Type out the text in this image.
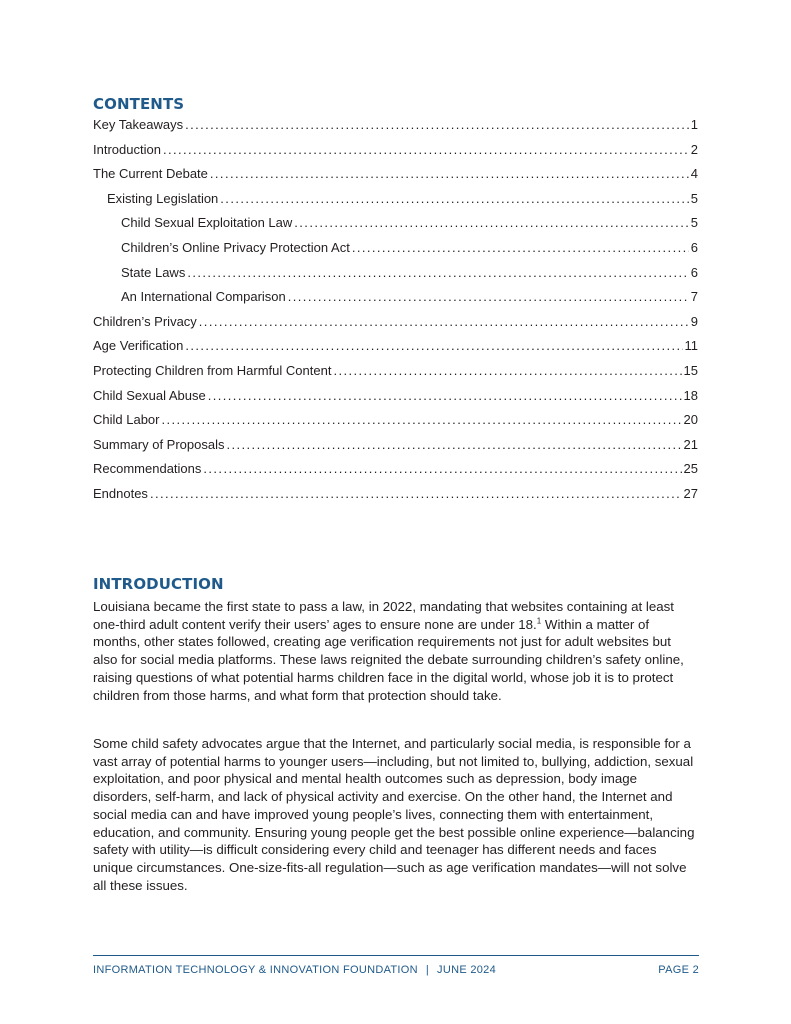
CONTENTS
Key Takeaways .....	1
Introduction .....	2
The Current Debate .....	4
Existing Legislation .....	5
Child Sexual Exploitation Law .....	5
Children’s Online Privacy Protection Act .....	6
State Laws .....	6
An International Comparison .....	7
Children’s Privacy .....	9
Age Verification .....	11
Protecting Children from Harmful Content .....	15
Child Sexual Abuse .....	18
Child Labor .....	20
Summary of Proposals .....	21
Recommendations .....	25
Endnotes .....	27
INTRODUCTION

Louisiana became the first state to pass a law, in 2022, mandating that websites containing at least one-third adult content verify their users’ ages to ensure none are under 18.$^1$ Within a matter of months, other states followed, creating age verification requirements not just for adult websites but also for social media platforms. These laws reignited the debate surrounding children’s safety online, raising questions of what potential harms children face in the digital world, whose job it is to protect children from those harms, and what form that protection should take.

Some child safety advocates argue that the Internet, and particularly social media, is responsible for a vast array of potential harms to younger users—including, but not limited to, bullying, addiction, sexual exploitation, and poor physical and mental health outcomes such as depression, body image disorders, self-harm, and lack of physical activity and exercise. On the other hand, the Internet and social media can and have improved young people’s lives, connecting them with entertainment, education, and community. Ensuring young people get the best possible online experience—balancing safety with utility—is difficult considering every child and teenager has different needs and faces unique circumstances. One-size-fits-all regulation—such as age verification mandates—will not solve all these issues.

INFORMATION TECHNOLOGY & INNOVATION FOUNDATION | JUNE 2024	PAGE 2
